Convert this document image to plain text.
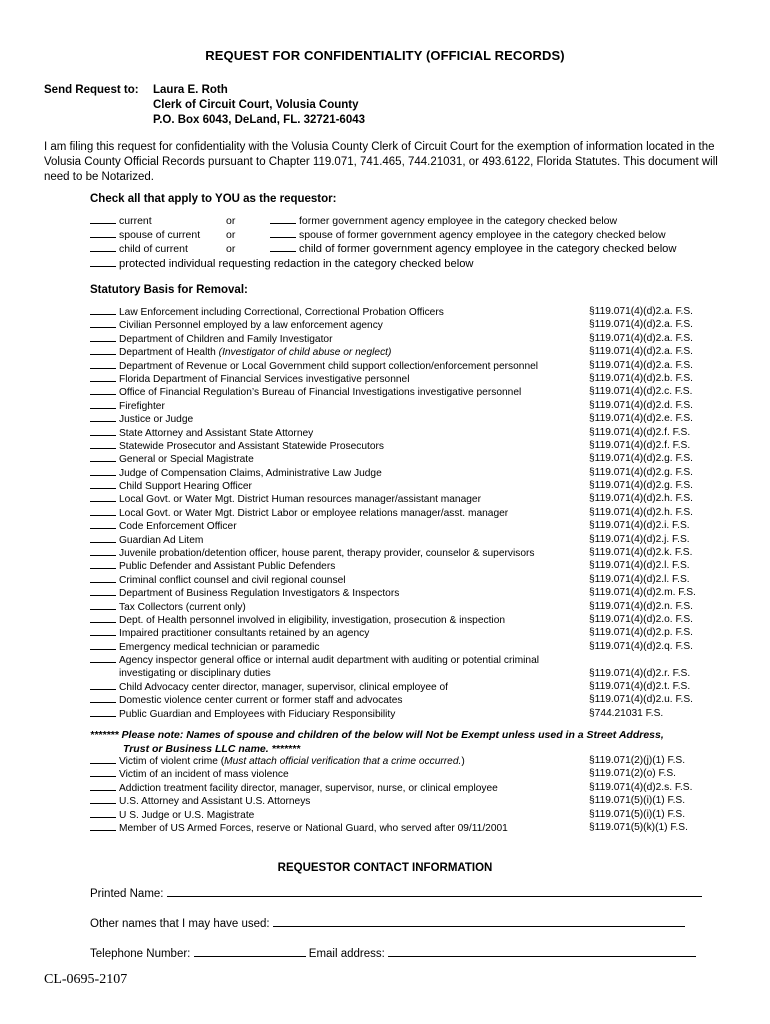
REQUEST FOR CONFIDENTIALITY (OFFICIAL RECORDS)
Send Request to: Laura E. Roth
Clerk of Circuit Court, Volusia County
P.O. Box 6043, DeLand, FL. 32721-6043
I am filing this request for confidentiality with the Volusia County Clerk of Circuit Court for the exemption of information located in the Volusia County Official Records pursuant to Chapter 119.071, 741.465, 744.21031, or 493.6122, Florida Statutes. This document will need to be Notarized.
Check all that apply to YOU as the requestor:
current	or	former government agency employee in the category checked below
spouse of current or	spouse of former government agency employee in the category checked below
child of current	or	child of former government agency employee in the category checked below
protected individual requesting redaction in the category checked below
Statutory Basis for Removal:
Law Enforcement including Correctional, Correctional Probation Officers	§119.071(4)(d)2.a. F.S.
Civilian Personnel employed by a law enforcement agency	§119.071(4)(d)2.a. F.S.
Department of Children and Family Investigator	§119.071(4)(d)2.a. F.S.
Department of Health (Investigator of child abuse or neglect)	§119.071(4)(d)2.a. F.S.
Department of Revenue or Local Government child support collection/enforcement personnel	§119.071(4)(d)2.a. F.S.
Florida Department of Financial Services investigative personnel	§119.071(4)(d)2.b. F.S.
Office of Financial Regulation’s Bureau of Financial Investigations investigative personnel	§119.071(4)(d)2.c. F.S.
Firefighter	§119.071(4)(d)2.d. F.S.
Justice or Judge	§119.071(4)(d)2.e. F.S.
State Attorney and Assistant State Attorney	§119.071(4)(d)2.f. F.S.
Statewide Prosecutor and Assistant Statewide Prosecutors	§119.071(4)(d)2.f. F.S.
General or Special Magistrate	§119.071(4)(d)2.g. F.S.
Judge of Compensation Claims, Administrative Law Judge	§119.071(4)(d)2.g. F.S.
Child Support Hearing Officer	§119.071(4)(d)2.g. F.S.
Local Govt. or Water Mgt. District Human resources manager/assistant manager	§119.071(4)(d)2.h. F.S.
Local Govt. or Water Mgt. District Labor or employee relations manager/asst. manager	§119.071(4)(d)2.h. F.S.
Code Enforcement Officer	§119.071(4)(d)2.i. F.S.
Guardian Ad Litem	§119.071(4)(d)2.j. F.S.
Juvenile probation/detention officer, house parent, therapy provider, counselor & supervisors	§119.071(4)(d)2.k. F.S.
Public Defender and Assistant Public Defenders	§119.071(4)(d)2.l. F.S.
Criminal conflict counsel and civil regional counsel	§119.071(4)(d)2.l. F.S.
Department of Business Regulation Investigators & Inspectors	§119.071(4)(d)2.m. F.S.
Tax Collectors (current only)	§119.071(4)(d)2.n. F.S.
Dept. of Health personnel involved in eligibility, investigation, prosecution & inspection	§119.071(4)(d)2.o. F.S.
Impaired practitioner consultants retained by an agency	§119.071(4)(d)2.p. F.S.
Emergency medical technician or paramedic	§119.071(4)(d)2.q. F.S.
Agency inspector general office or internal audit department with auditing or potential criminal
investigating or disciplinary duties	§119.071(4)(d)2.r. F.S.
Child Advocacy center director, manager, supervisor, clinical employee of	§119.071(4)(d)2.t. F.S.
Domestic violence center current or former staff and advocates	§119.071(4)(d)2.u. F.S.
Public Guardian and Employees with Fiduciary Responsibility	§744.21031 F.S.
******* Please note: Names of spouse and children of the below will Not be Exempt unless used in a Street Address,
Trust or Business LLC name. *******
Victim of violent crime (Must attach official verification that a crime occurred.)	§119.071(2)(j)(1) F.S.
Victim of an incident of mass violence	§119.071(2)(o) F.S.
Addiction treatment facility director, manager, supervisor, nurse, or clinical employee	§119.071(4)(d)2.s. F.S.
U.S. Attorney and Assistant U.S. Attorneys	§119.071(5)(i)(1) F.S.
U S. Judge or U.S. Magistrate	§119.071(5)(i)(1) F.S.
Member of US Armed Forces, reserve or National Guard, who served after 09/11/2001	§119.071(5)(k)(1) F.S.
REQUESTOR CONTACT INFORMATION
Printed Name:
Other names that I may have used:
Telephone Number:	Email address:
CL-0695-2107
